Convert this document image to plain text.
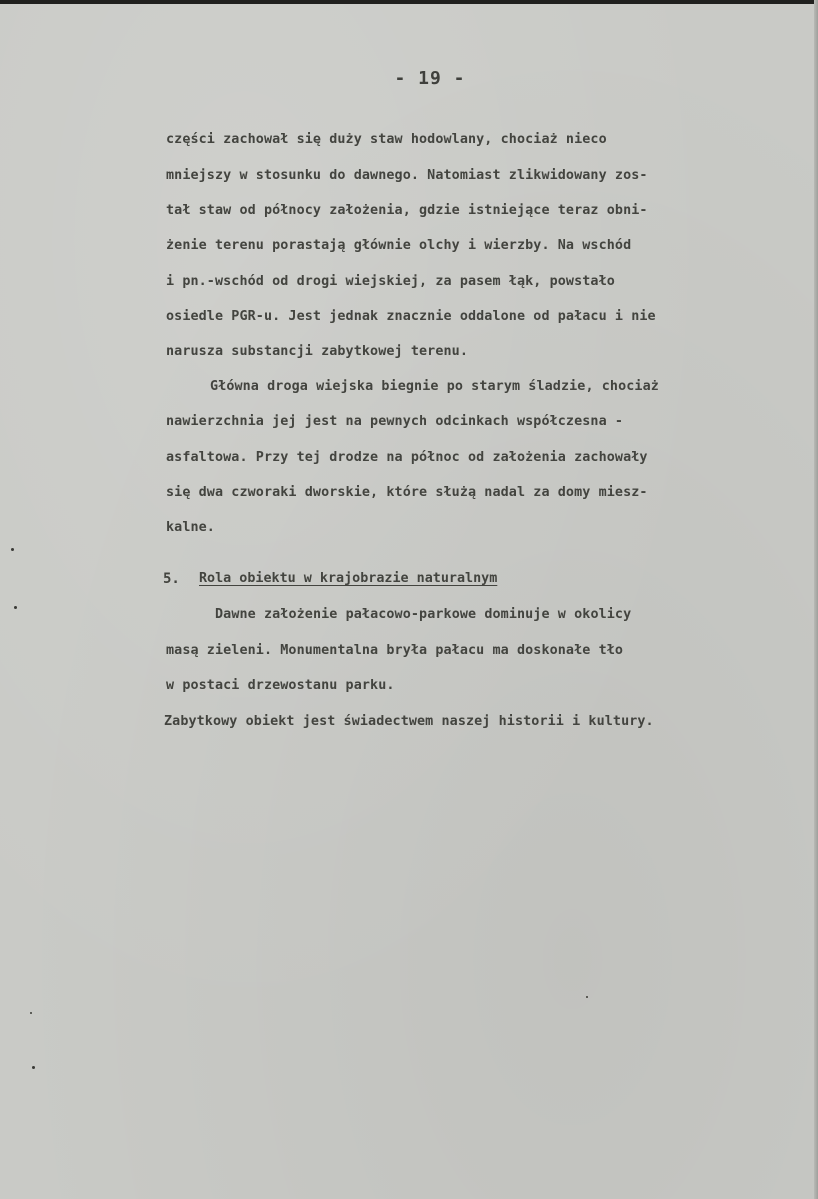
- 19 -
części zachował się duży staw hodowlany, chociaż nieco
mniejszy w stosunku do dawnego. Natomiast zlikwidowany zos-
tał staw od północy założenia, gdzie istniejące teraz obni-
żenie terenu porastają głównie olchy i wierzby. Na wschód
i pn.-wschód od drogi wiejskiej, za pasem łąk, powstało
osiedle PGR-u. Jest jednak znacznie oddalone od pałacu i nie
narusza substancji zabytkowej terenu.
Główna droga wiejska biegnie po starym śladzie, chociaż
nawierzchnia jej jest na pewnych odcinkach współczesna -
asfaltowa. Przy tej drodze na północ od założenia zachowały
się dwa czworaki dworskie, które służą nadal za domy miesz-
kalne.
5. Rola obiektu w krajobrazie naturalnym
Dawne założenie pałacowo-parkowe dominuje w okolicy
masą zieleni. Monumentalna bryła pałacu ma doskonałe tło
w postaci drzewostanu parku.
Zabytkowy obiekt jest świadectwem naszej historii i kultury.
